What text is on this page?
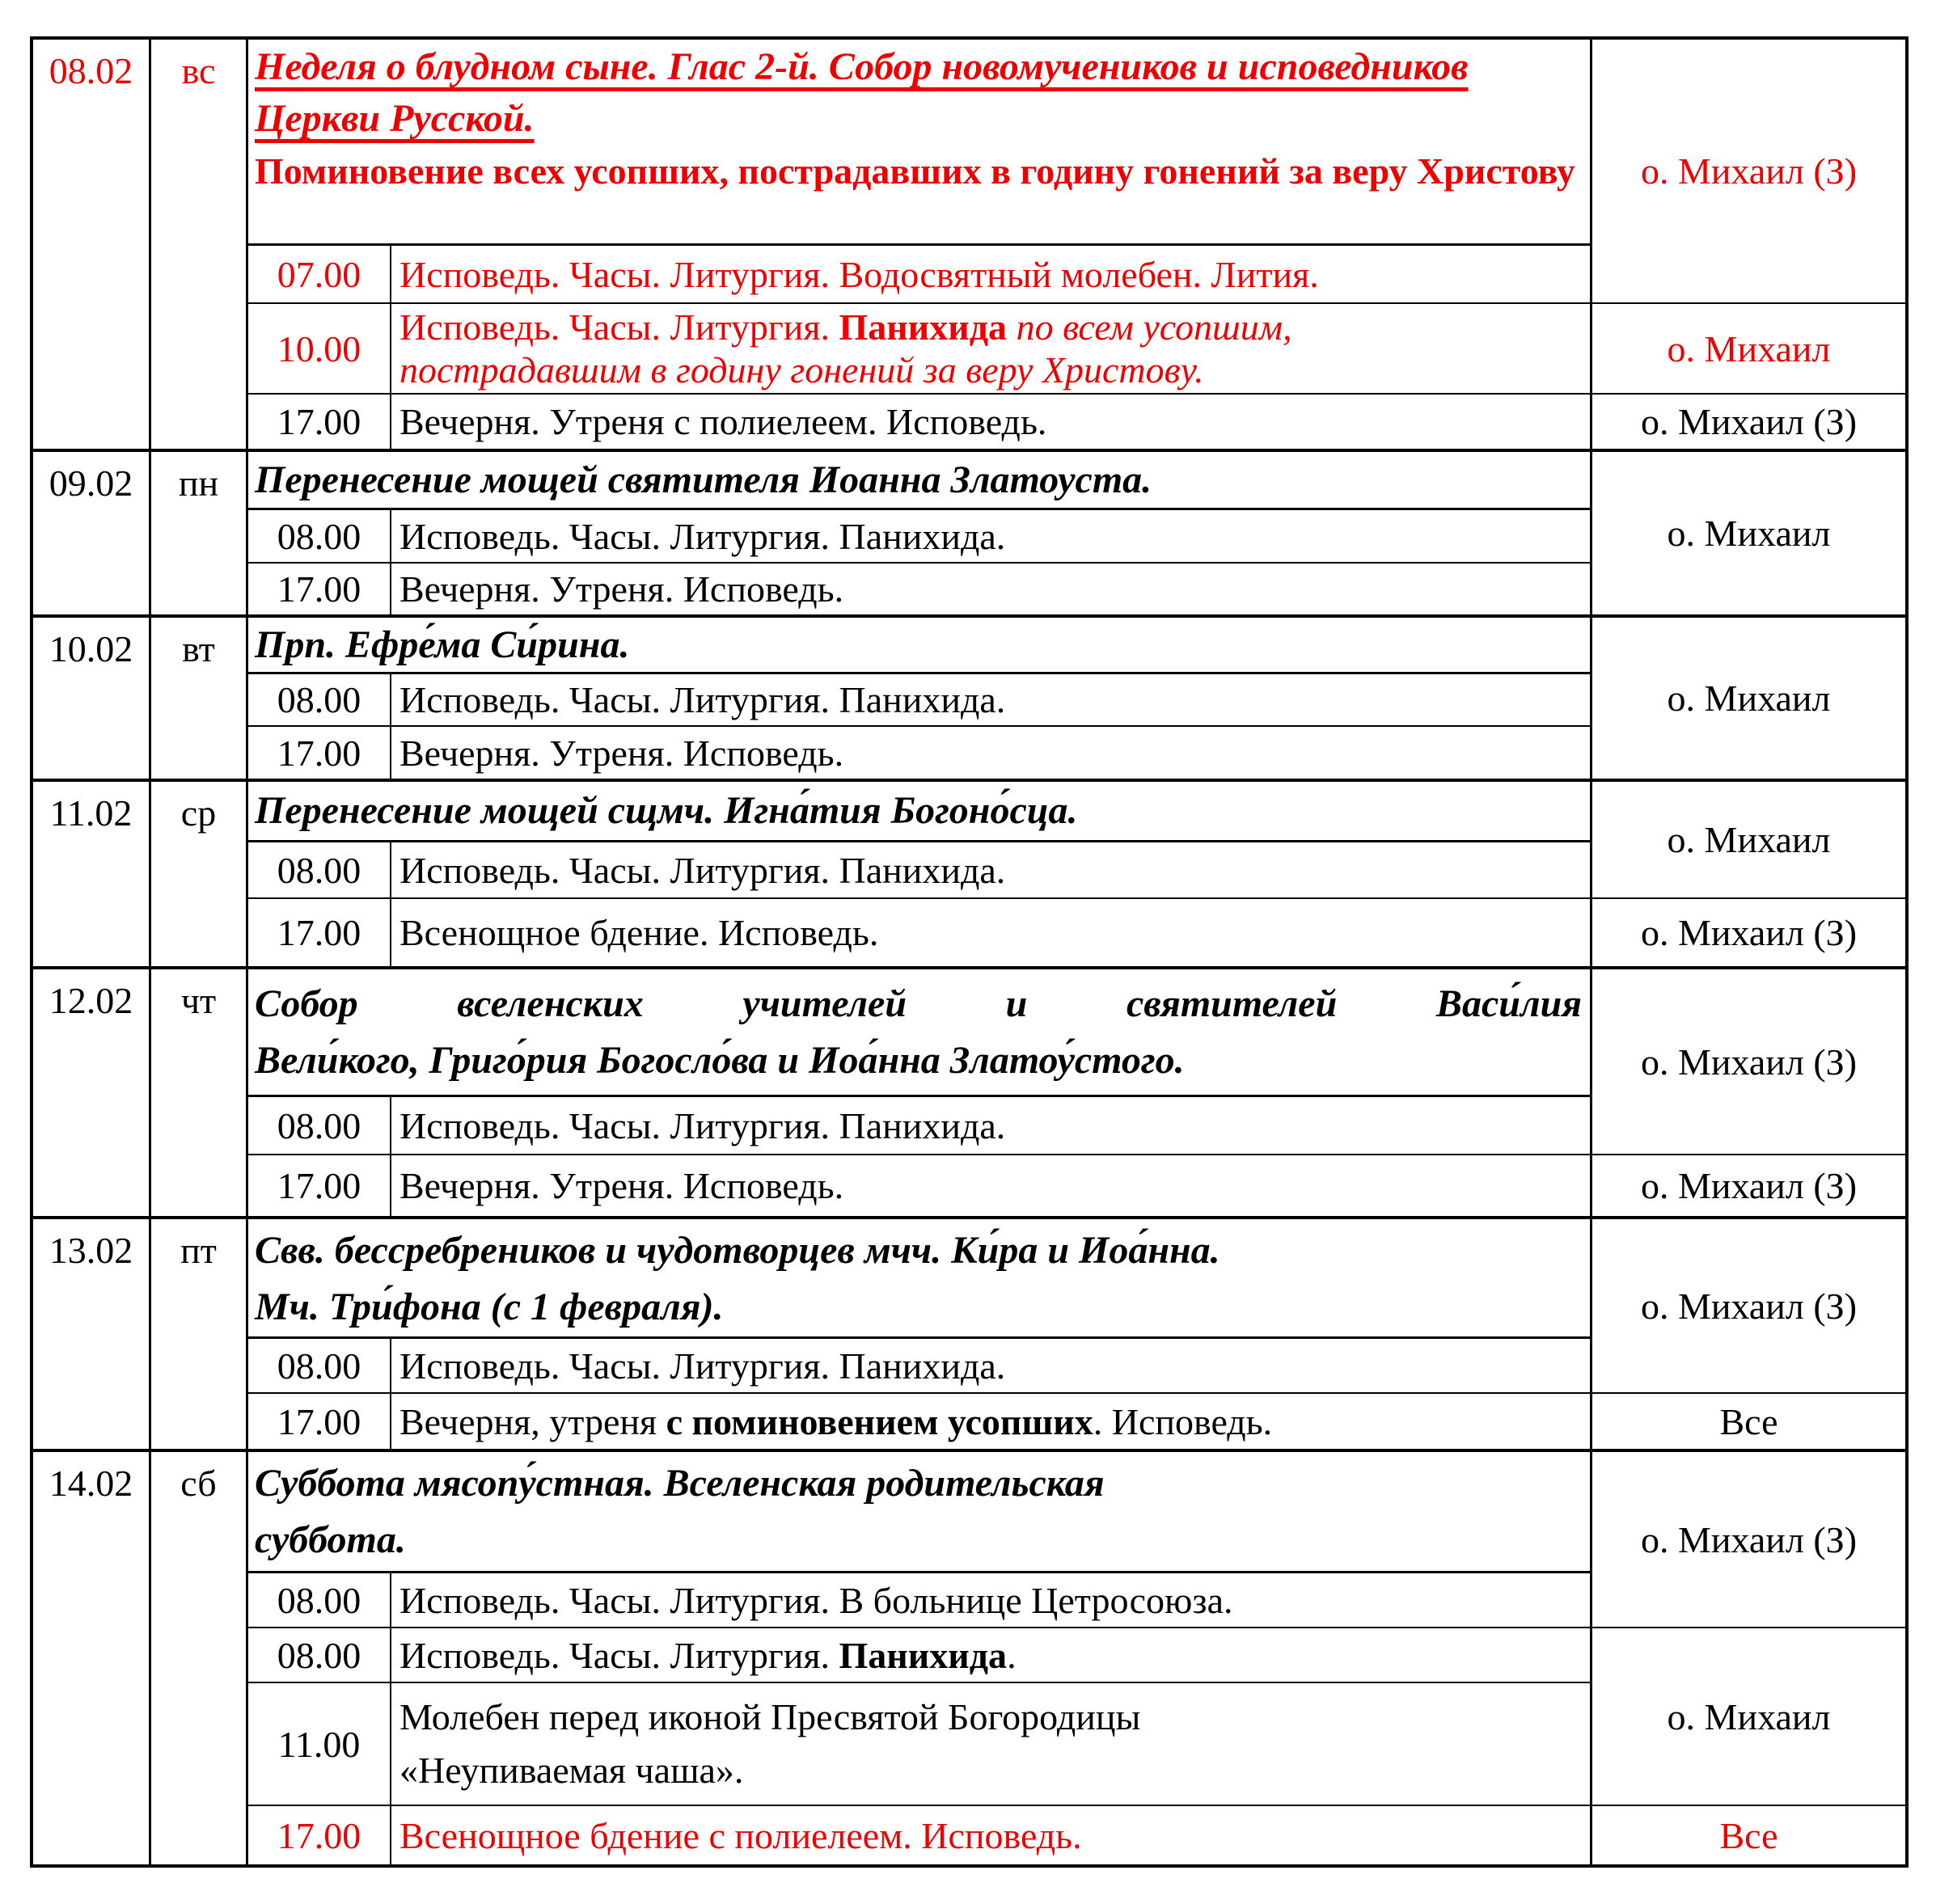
08.02 вс Неделя о блудном сыне. Глас 2-й. Собор новомучеников и исповедников Церкви Русской.
Поминовение всех усопших, пострадавших в годину гонений за веру Христову
07.00 Исповедь. Часы. Литургия. Водосвятный молебен. Лития.
10.00
Исповедь. Часы. Литургия. Панихида по всем усопшим,
пострадавшим в годину гонений за веру Христову.
17.00 Вечерня. Утреня с полиелеем. Исповедь.
о. Михаил (З)
о. Михаил
о. Михаил (З)
09.02 пн Перенесение мощей святителя Иоанна Златоуста.
08.00 Исповедь. Часы. Литургия. Панихида.
17.00 Вечерня. Утреня. Исповедь.
о. Михаил
10.02 вт Прп. Ефре́ма Си́рина.
08.00 Исповедь. Часы. Литургия. Панихида.
17.00 Вечерня. Утреня. Исповедь.
о. Михаил
11.02 ср Перенесение мощей сщмч. Игна́тия Богоно́сца.
08.00 Исповедь. Часы. Литургия. Панихида.
17.00 Всенощное бдение. Исповедь.
о. Михаил
о. Михаил (З)
12.02 чт Собор вселенских учителей и святителей Васи́лия
Вели́кого, Григо́рия Богосло́ва и Иоа́нна Златоу́стого.
08.00 Исповедь. Часы. Литургия. Панихида.
17.00 Вечерня. Утреня. Исповедь.
о. Михаил (З)
о. Михаил (З)
13.02 пт Свв. бессребреников и чудотворцев мчч. Ки́ра и Иоа́нна.
Мч. Три́фона (с 1 февраля).
08.00 Исповедь. Часы. Литургия. Панихида.
17.00 Вечерня, утреня с поминовением усопших. Исповедь.
о. Михаил (З)
Все
14.02 сб Суббота мясопу́стная. Вселенская родительская
суббота.
08.00 Исповедь. Часы. Литургия. В больнице Цетросоюза.
08.00 Исповедь. Часы. Литургия. Панихида.
11.00
Молебен перед иконой Пресвятой Богородицы
«Неупиваемая чаша».
17.00 Всенощное бдение с полиелеем. Исповедь.
о. Михаил (З)
о. Михаил
Все
